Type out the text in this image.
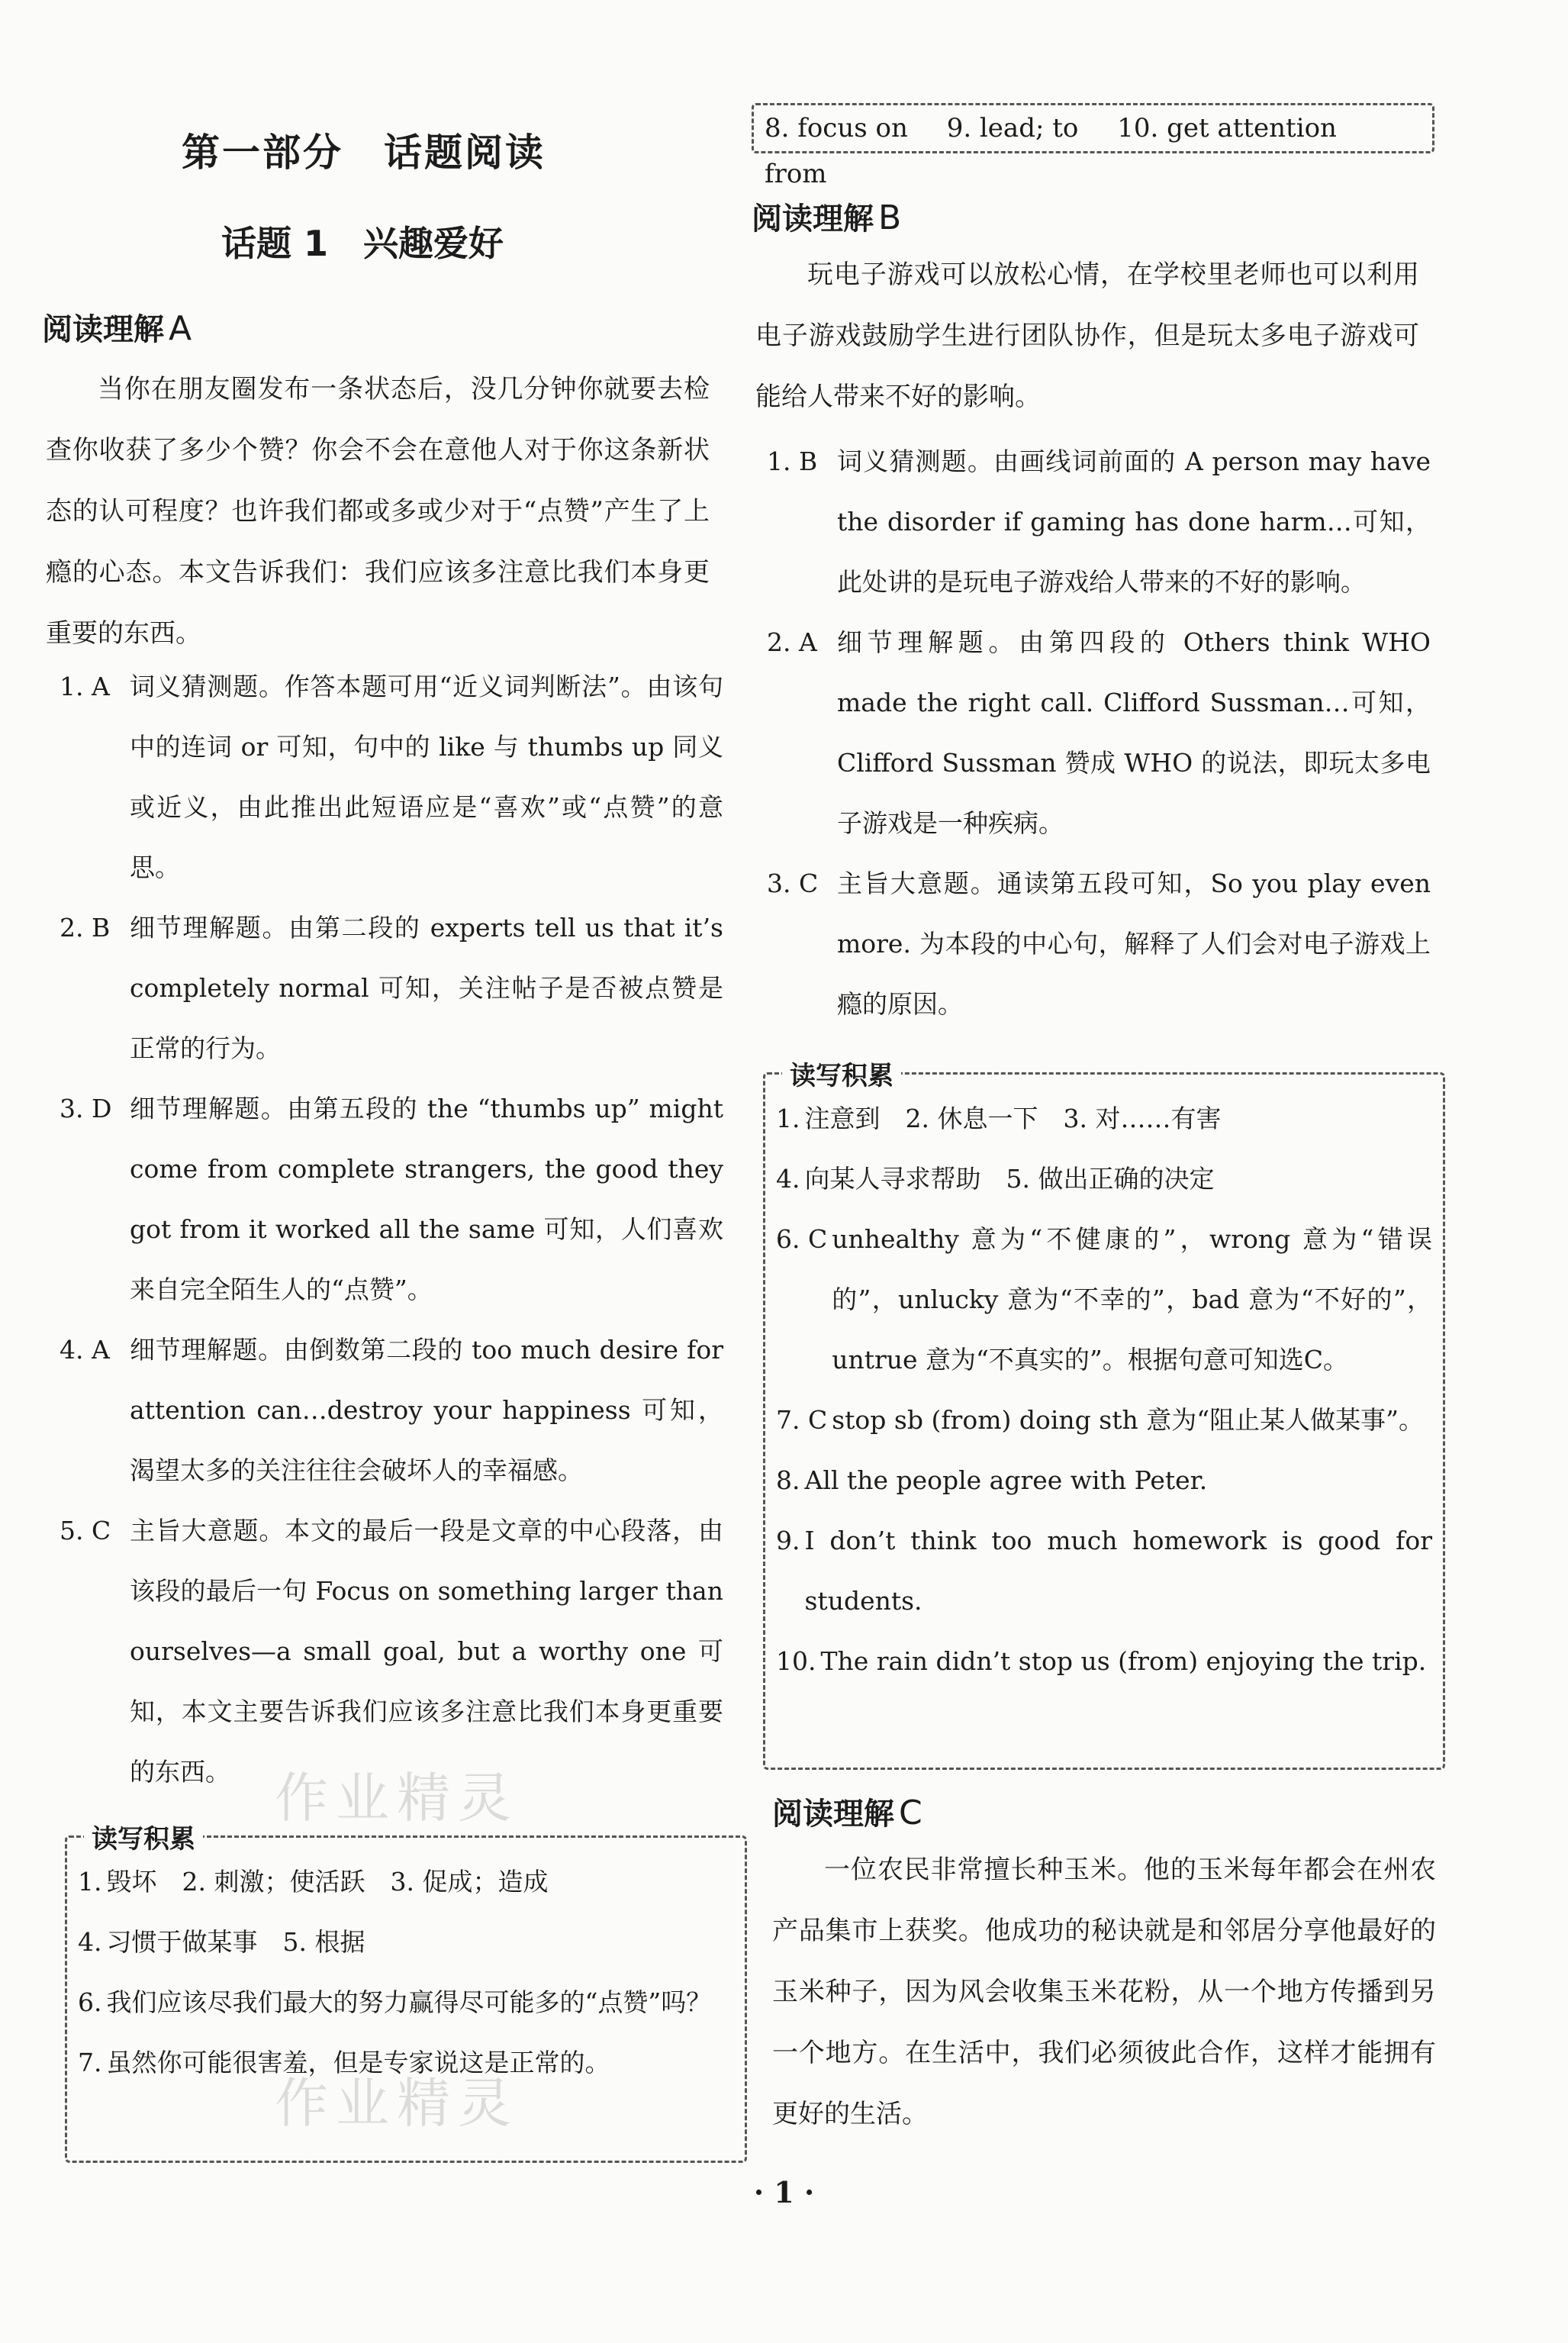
第一部分　话题阅读
话题 1　兴趣爱好
8. focus on 9. lead; to 10. get attention from
阅读理解 A

当你在朋友圈发布一条状态后，没几分钟你就要去检查你收获了多少个赞？你会不会在意他人对于你这条新状态的认可程度？也许我们都或多或少对于“点赞”产生了上瘾的心态。本文告诉我们：我们应该多注意比我们本身更重要的东西。

1. A 词义猜测题。作答本题可用“近义词判断法”。由该句中的连词 or 可知，句中的 like 与 thumbs up 同义或近义，由此推出此短语应是“喜欢”或“点赞”的意思。
2. B 细节理解题。由第二段的 experts tell us that it’s completely normal 可知，关注帖子是否被点赞是正常的行为。
3. D 细节理解题。由第五段的 the “thumbs up” might come from complete strangers, the good they got from it worked all the same 可知，人们喜欢来自完全陌生人的“点赞”。
4. A 细节理解题。由倒数第二段的 too much desire for attention can…destroy your happiness 可知，渴望太多的关注往往会破坏人的幸福感。
5. C 主旨大意题。本文的最后一段是文章的中心段落，由该段的最后一句 Focus on something larger than ourselves—a small goal, but a worthy one 可知，本文主要告诉我们应该多注意比我们本身更重要的东西。
读写积累
1. 毁坏　2. 刺激；使活跃　3. 促成；造成
4. 习惯于做某事　5. 根据
6. 我们应该尽我们最大的努力赢得尽可能多的“点赞”吗？
7. 虽然你可能很害羞，但是专家说这是正常的。
阅读理解 B

玩电子游戏可以放松心情，在学校里老师也可以利用电子游戏鼓励学生进行团队协作，但是玩太多电子游戏可能给人带来不好的影响。

1. B 词义猜测题。由画线词前面的 A person may have the disorder if gaming has done harm…可知，此处讲的是玩电子游戏给人带来的不好的影响。
2. A 细节理解题。由第四段的 Others think WHO made the right call. Clifford Sussman…可知，Clifford Sussman 赞成 WHO 的说法，即玩太多电子游戏是一种疾病。
3. C 主旨大意题。通读第五段可知，So you play even more. 为本段的中心句，解释了人们会对电子游戏上瘾的原因。
读写积累
1. 注意到　2. 休息一下　3. 对……有害
4. 向某人寻求帮助　5. 做出正确的决定
6. C unhealthy 意为“不健康的”，wrong 意为“错误的”，unlucky 意为“不幸的”，bad 意为“不好的”，untrue 意为“不真实的”。根据句意可知选C。
7. C stop sb (from) doing sth 意为“阻止某人做某事”。
8. All the people agree with Peter.
9. I don’t think too much homework is good for students.
10. The rain didn’t stop us (from) enjoying the trip.
阅读理解 C

一位农民非常擅长种玉米。他的玉米每年都会在州农产品集市上获奖。他成功的秘诀就是和邻居分享他最好的玉米种子，因为风会收集玉米花粉，从一个地方传播到另一个地方。在生活中，我们必须彼此合作，这样才能拥有更好的生活。

作业精灵
作业精灵
· 1 ·
